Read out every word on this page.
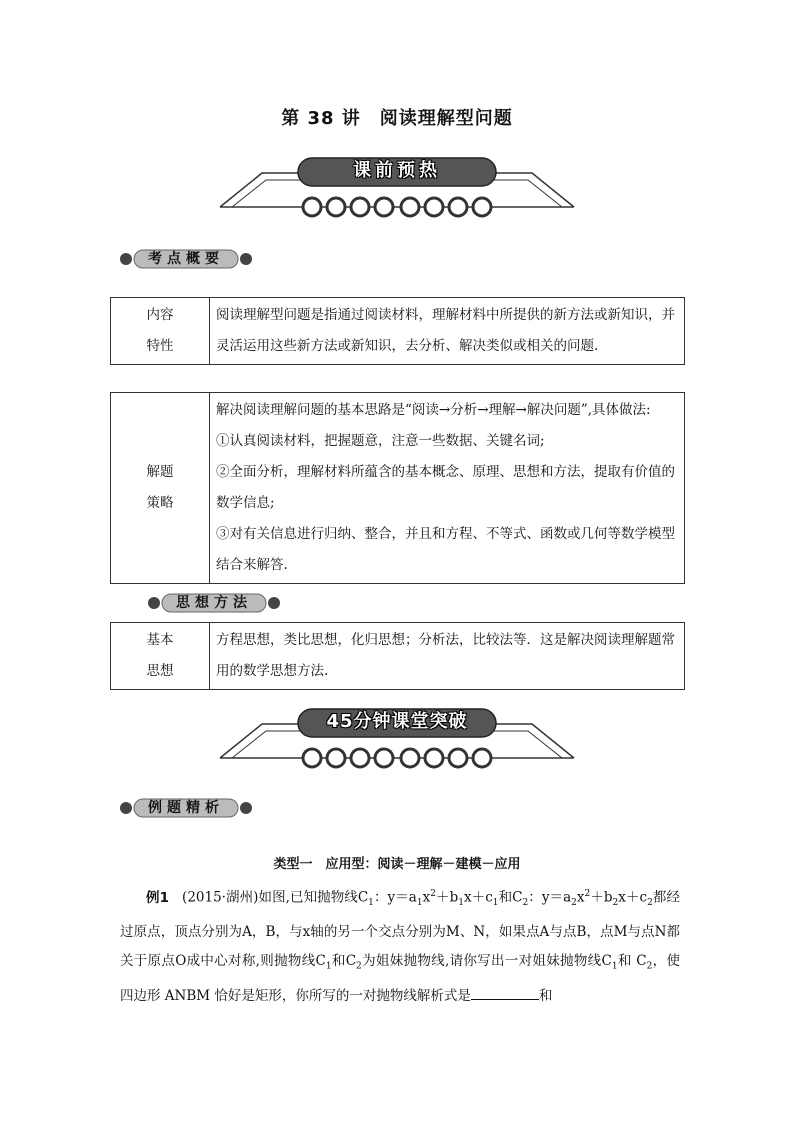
第 38 讲　阅读理解型问题
课前预热
考点概要
内容
特性
	阅读理解型问题是指通过阅读材料，理解材料中所提供的新方法或新知识，并灵活运用这些新方法或新知识，去分析、解决类似或相关的问题.
解题
策略

解决阅读理解问题的基本思路是“阅读→分析→理解→解决问题”,具体做法:
①认真阅读材料，把握题意，注意一些数据、关键名词;
②全面分析，理解材料所蕴含的基本概念、原理、思想和方法，提取有价值的数学信息;
③对有关信息进行归纳、整合，并且和方程、不等式、函数或几何等数学模型结合来解答.
思想方法
基本
思想
	方程思想，类比思想，化归思想；分析法，比较法等．这是解决阅读理解题常用的数学思想方法.
45分钟课堂突破
例题精析
类型一　应用型：阅读－理解－建模－应用
例1 (2015·湖州)如图,已知抛物线$C_1$：$y=a_1x^2+b_1x+c_1$和$C_2$：$y=a_2x^2+b_2x+c_2$都经过原点，顶点分别为A，B，与x轴的另一个交点分别为M、N，如果点A与点B，点M与点N都关于原点O成中心对称,则抛物线$C_1$和$C_2$为姐妹抛物线,请你写出一对姐妹抛物线$C_1$和 $C_2$，使四边形 ANBM 恰好是矩形，你所写的一对抛物线解析式是	和
